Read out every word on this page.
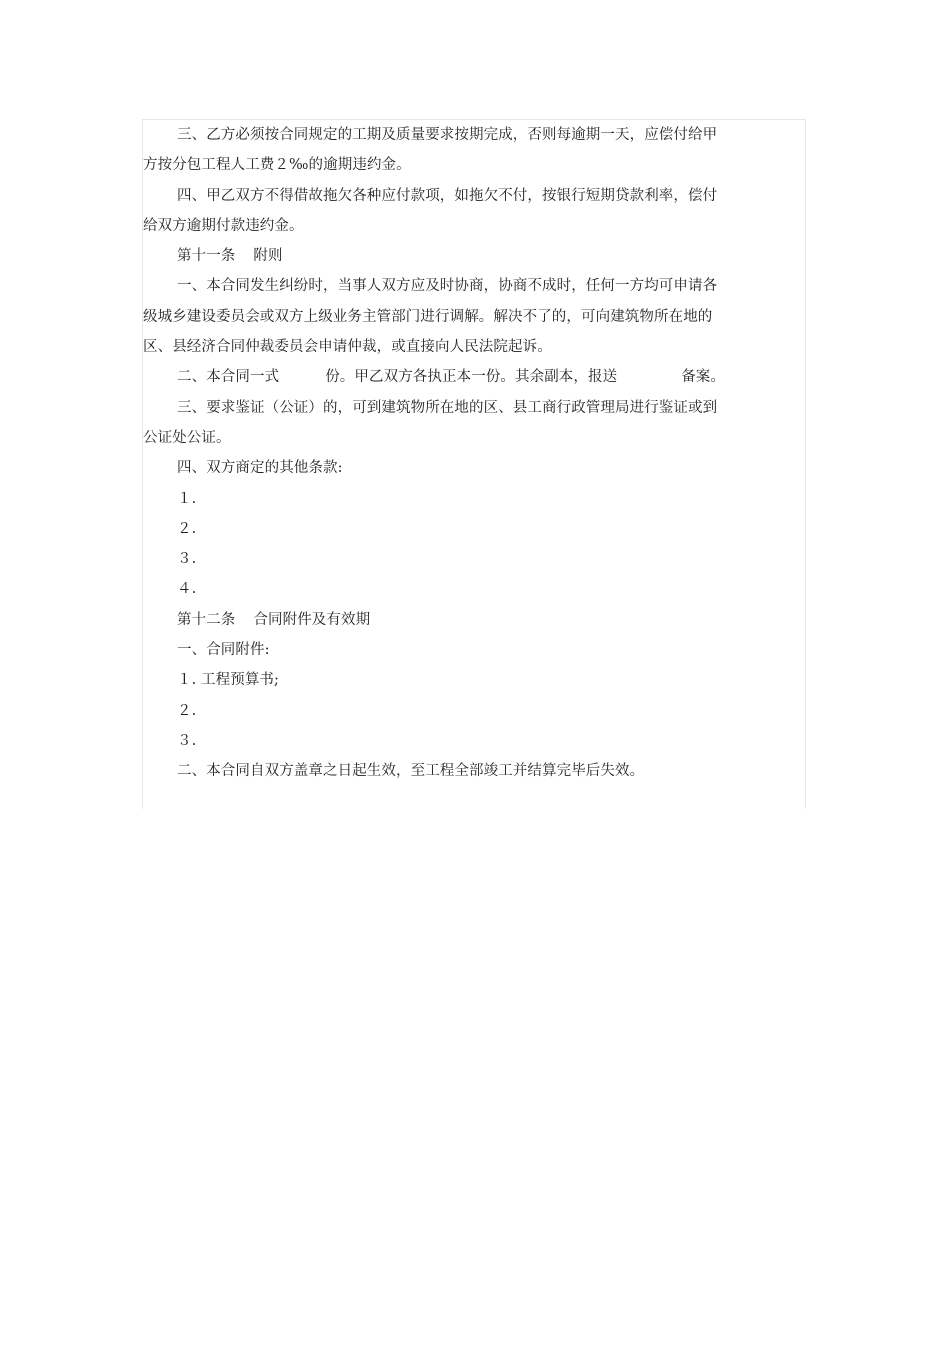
三、乙方必须按合同规定的工期及质量要求按期完成，否则每逾期一天，应偿付给甲
方按分包工程人工费２‰的逾期违约金。
四、甲乙双方不得借故拖欠各种应付款项，如拖欠不付，按银行短期贷款利率，偿付
给双方逾期付款违约金。
第十一条 附则
一、本合同发生纠纷时，当事人双方应及时协商，协商不成时，任何一方均可申请各
级城乡建设委员会或双方上级业务主管部门进行调解。解决不了的，可向建筑物所在地的
区、县经济合同仲裁委员会申请仲裁，或直接向人民法院起诉。
二、本合同一式	份。甲乙双方各执正本一份。其余副本，报送	备案。
三、要求鉴证（公证）的，可到建筑物所在地的区、县工商行政管理局进行鉴证或到
公证处公证。
四、双方商定的其他条款:
１.
２.
３.
４.
第十二条 合同附件及有效期
一、合同附件:
１. 工程预算书;
２.
３.
二、本合同自双方盖章之日起生效，至工程全部竣工并结算完毕后失效。
